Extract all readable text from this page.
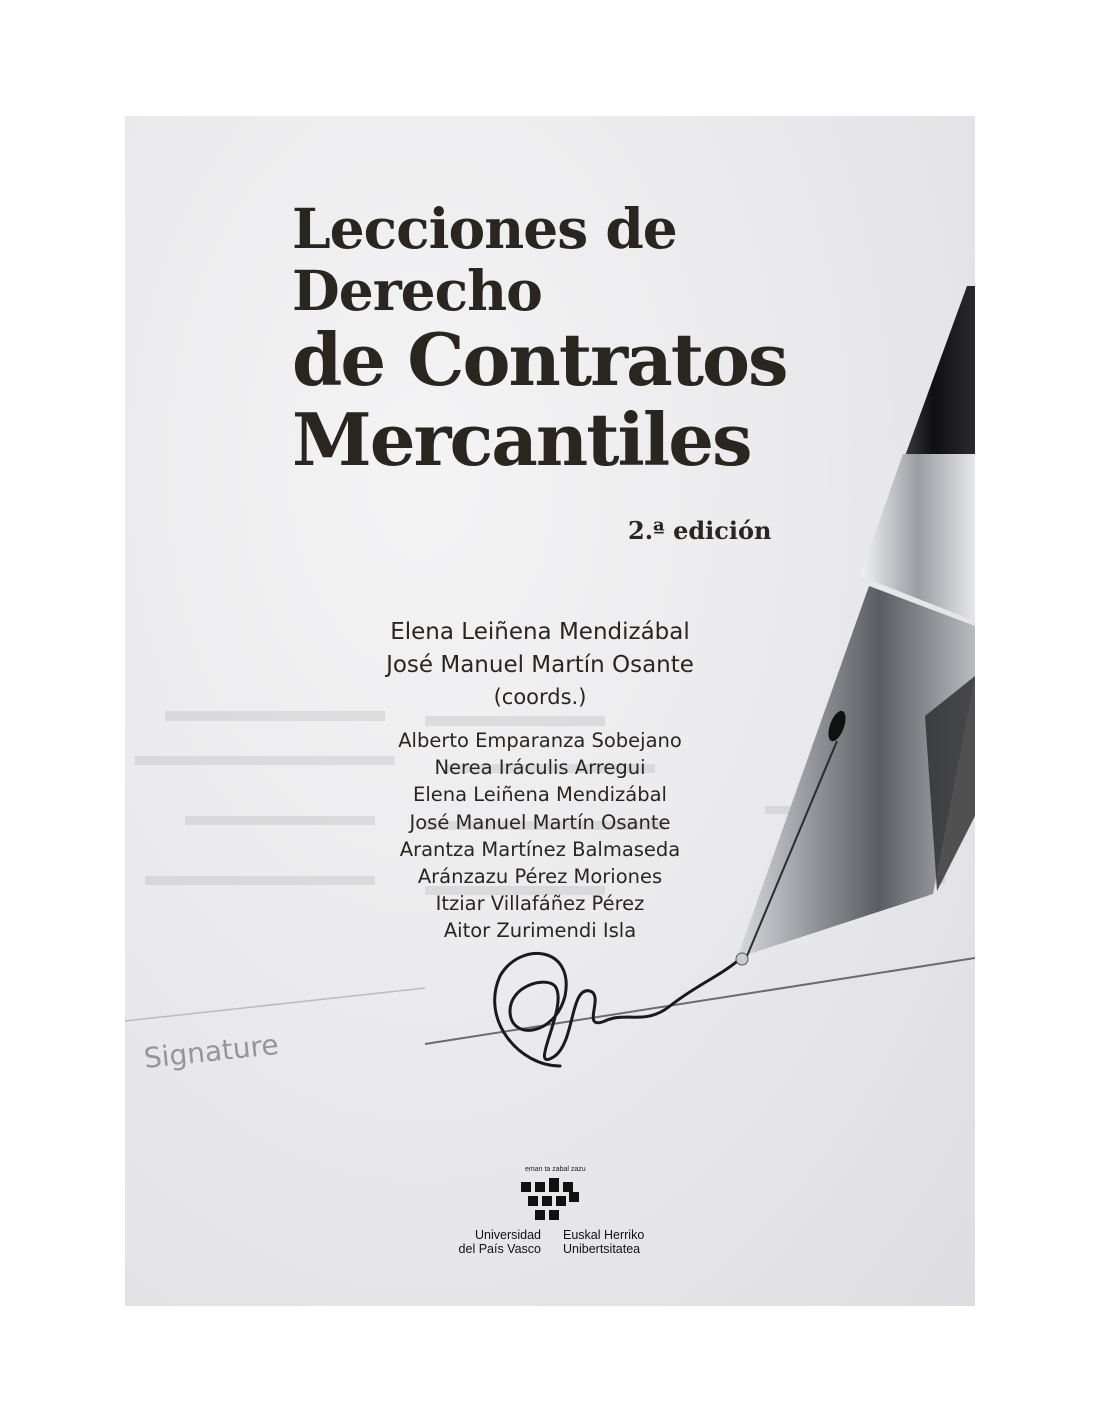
Signature
Lecciones de
Derecho
de Contratos
Mercantiles
2.ª edición
Elena Leiñena Mendizábal
José Manuel Martín Osante
(coords.)
Alberto Emparanza Sobejano
Nerea Iráculis Arregui
Elena Leiñena Mendizábal
José Manuel Martín Osante
Arantza Martínez Balmaseda
Aránzazu Pérez Moriones
Itziar Villafáñez Pérez
Aitor Zurimendi Isla
eman ta zabal zazu
Universidad
del País Vasco
Euskal Herriko
Unibertsitatea
